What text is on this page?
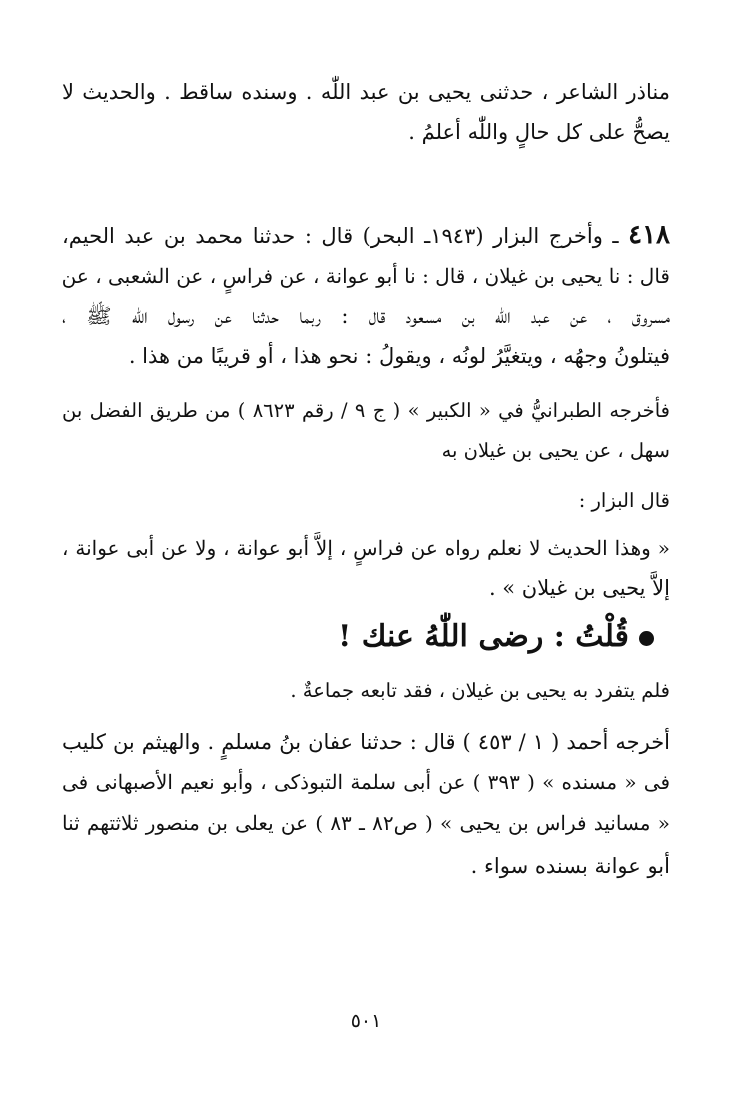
مناذر الشاعر ، حدثنى يحيى بن عبد اللّٰه . وسنده ساقط . والحديث لا
يصحُّ على كل حالٍ واللّٰه أعلمُ .
٤١٨ ـ وأخرج البزار (١٩٤٣ـ البحر) قال : حدثنا محمد بن عبد الحيم،
قال : نا يحيى بن غيلان ، قال : نا أبو عوانة ، عن فراسٍ ، عن الشعبى ، عن
مسروق ، عن عبد اللّٰه بن مسعود قال : ربما حدثنا عن رسول اللّٰه ﷺ ،
فيتلونُ وجهُه ، ويتغيَّرُ لونُه ، ويقولُ : نحو هذا ، أو قريبًا من هذا .
فأخرجه الطبرانيُّ في « الكبير » ( ج ٩ / رقم ٨٦٢٣ ) من طريق الفضل بن
سهل ، عن يحيى بن غيلان به
قال البزار :
« وهذا الحديث لا نعلم رواه عن فراسٍ ، إلاَّ أبو عوانة ، ولا عن أبى عوانة ،
إلاَّ يحيى بن غيلان » .
قُلْتُ : رضى اللّٰهُ عنك !
فلم يتفرد به يحيى بن غيلان ، فقد تابعه جماعةٌ .
أخرجه أحمد ( ١ / ٤٥٣ ) قال : حدثنا عفان بنُ مسلمٍ . والهيثم بن كليب
فى « مسنده » ( ٣٩٣ ) عن أبى سلمة التبوذكى ، وأبو نعيم الأصبهانى فى
« مسانيد فراس بن يحيى » ( ص٨٢ ـ ٨٣ ) عن يعلى بن منصور ثلاثتهم ثنا
أبو عوانة بسنده سواء .
٥٠١
